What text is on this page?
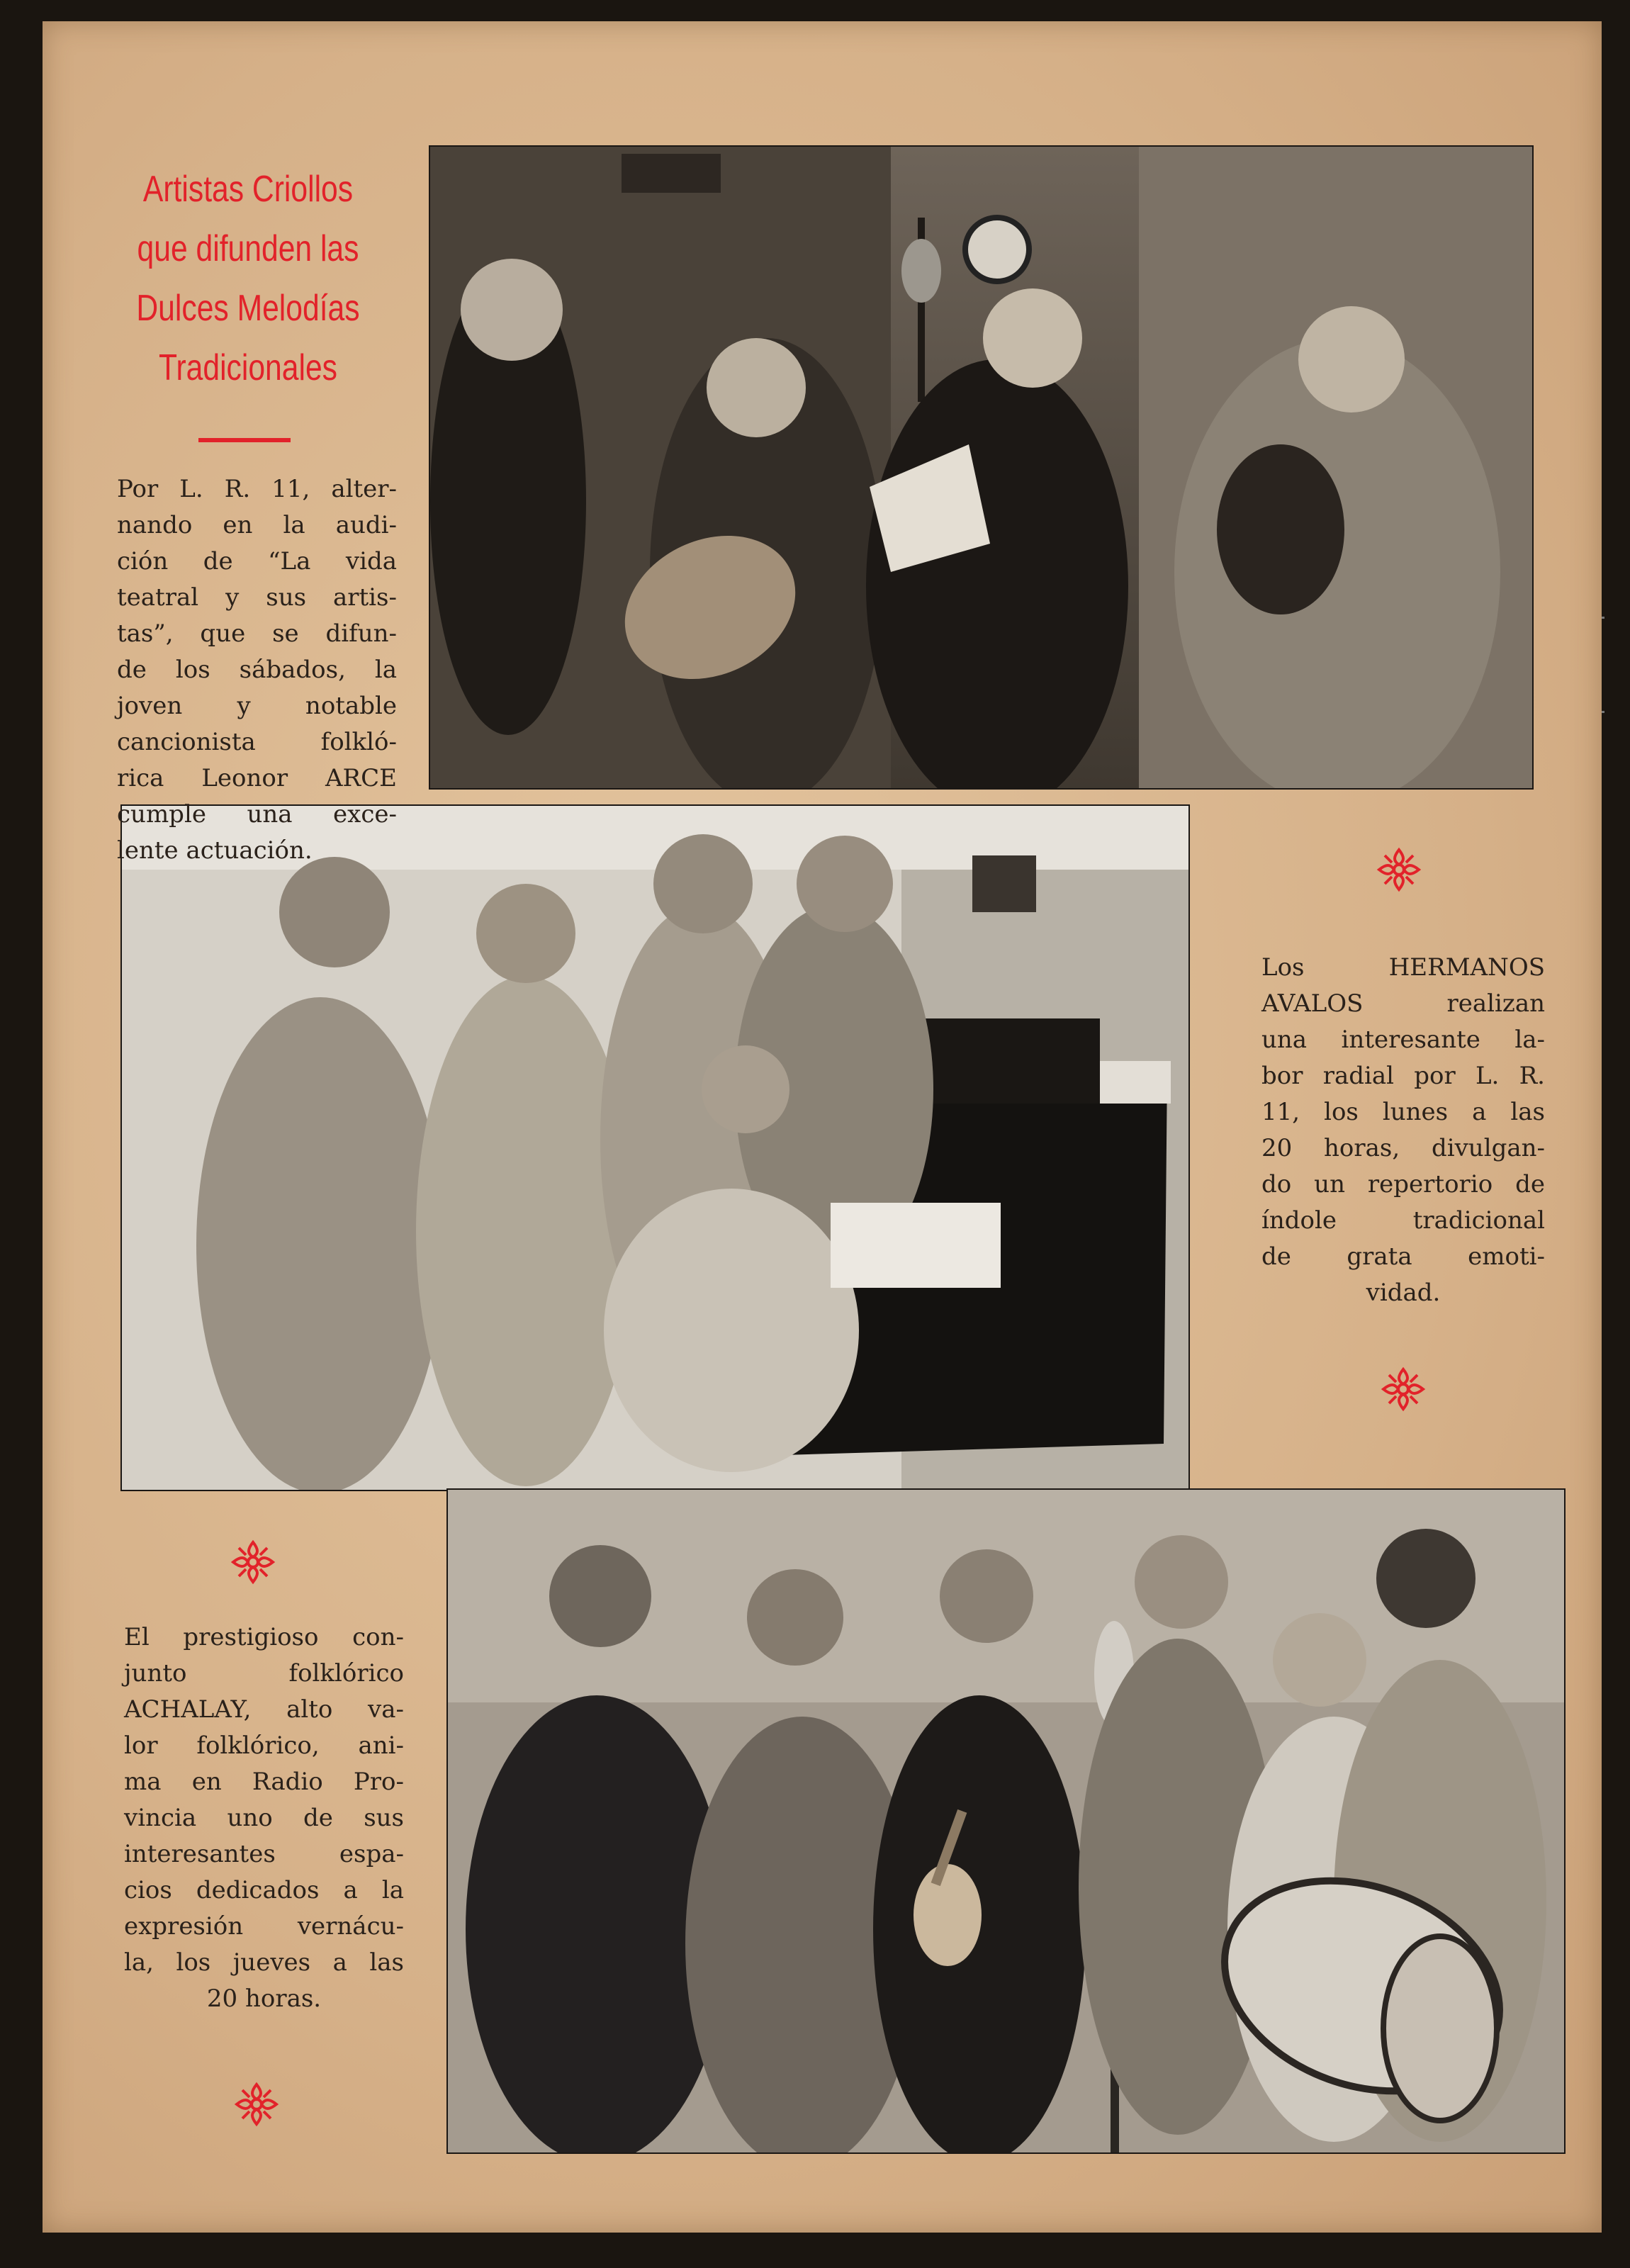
Artistas Criollos
que difunden las
Dulces Melodías
Tradicionales
Por L. R. 11, alter-
nando en la audi-
ción de “La vida
teatral y sus artis-
tas”, que se difun-
de los sábados, la
joven y notable
cancionista folkló-
rica Leonor ARCE
cumple una exce-
lente actuación.
Los HERMANOS
AVALOS realizan
una interesante la-
bor radial por L. R.
11, los lunes a las
20 horas, divulgan-
do un repertorio de
índole tradicional
de grata emoti-
vidad.
El prestigioso con-
junto folklórico
ACHALAY, alto va-
lor folklórico, ani-
ma en Radio Pro-
vincia uno de sus
interesantes espa-
cios dedicados a la
expresión vernácu-
la, los jueves a las
20 horas.
